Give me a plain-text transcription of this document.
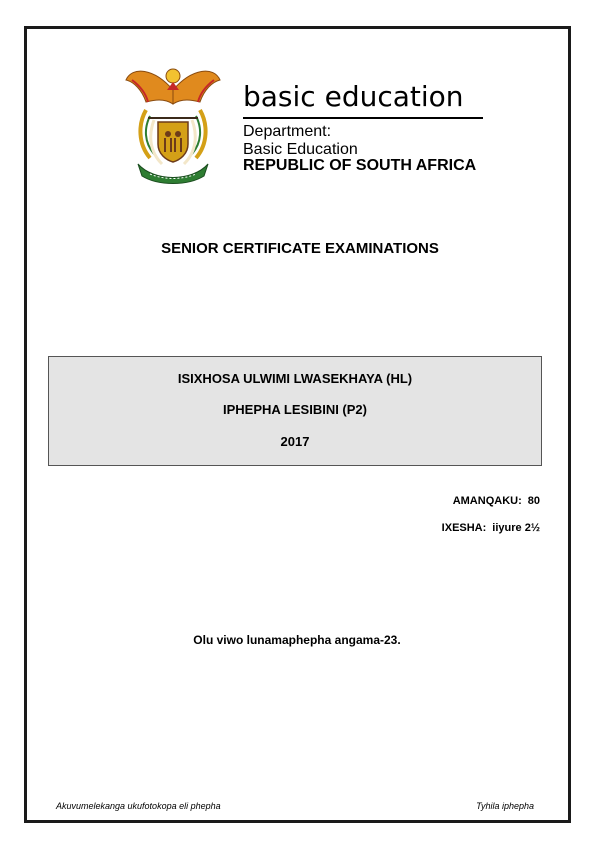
basic education
Department:
Basic Education
REPUBLIC OF SOUTH AFRICA
SENIOR CERTIFICATE EXAMINATIONS
ISIXHOSA ULWIMI LWASEKHAYA (HL)
IPHEPHA LESIBINI (P2)
2017
AMANQAKU: 80
IXESHA: iiyure 2½
Olu viwo lunamaphepha angama-23.
Akuvumelekanga ukufotokopa eli phepha	Tyhila iphepha
